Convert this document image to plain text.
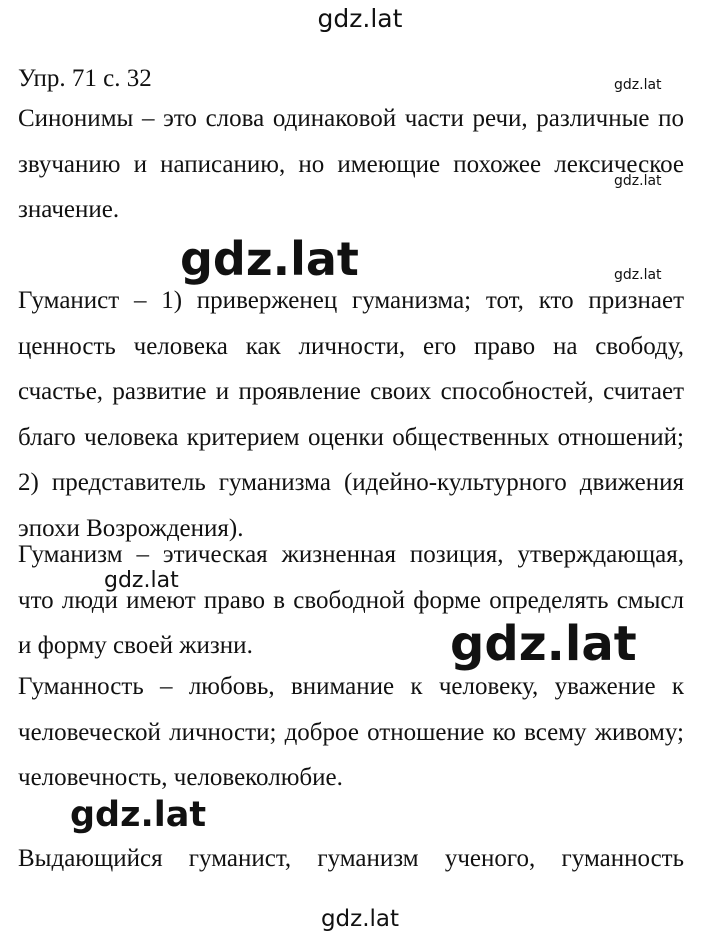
Упр. 71 с. 32

Синонимы – это слова одинаковой части речи, различные по звучанию и написанию, но имеющие похожее лексическое значение.

Гуманист – 1) приверженец гуманизма; тот, кто признает ценность человека как личности, его право на свободу, счастье, развитие и проявление своих способностей, считает благо человека критерием оценки общественных отношений; 2) представитель гуманизма (идейно-культурного движения эпохи Возрождения).

Гуманизм – этическая жизненная позиция, утверждающая, что люди имеют право в свободной форме определять смысл и форму своей жизни.

Гуманность – любовь, внимание к человеку, уважение к человеческой личности; доброе отношение ко всему живому; человечность, человеколюбие.

Выдающийся гуманист, гуманизм ученого, гуманность

gdz.lat
gdz.lat
gdz.lat
gdz.lat
gdz.lat
gdz.lat
gdz.lat
gdz.lat
gdz.lat
